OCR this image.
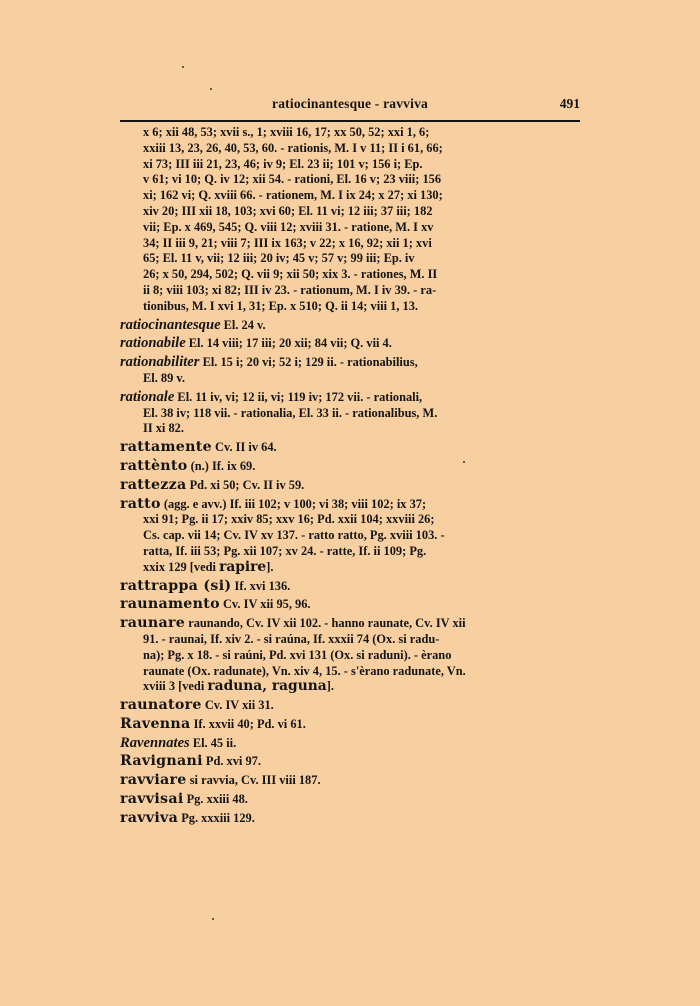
ratiocinantesque - ravviva	491
x 6; xii 48, 53; xvii s., 1; xviii 16, 17; xx 50, 52; xxi 1, 6;
xxiii 13, 23, 26, 40, 53, 60. - rationis, M. I v 11; II i 61, 66;
xi 73; III iii 21, 23, 46; iv 9; El. 23 ii; 101 v; 156 i; Ep.
v 61; vi 10; Q. iv 12; xii 54. - rationi, El. 16 v; 23 viii; 156
xi; 162 vi; Q. xviii 66. - rationem, M. I ix 24; x 27; xi 130;
xiv 20; III xii 18, 103; xvi 60; El. 11 vi; 12 iii; 37 iii; 182
vii; Ep. x 469, 545; Q. viii 12; xviii 31. - ratione, M. I xv
34; II iii 9, 21; viii 7; III ix 163; v 22; x 16, 92; xii 1; xvi
65; El. 11 v, vii; 12 iii; 20 iv; 45 v; 57 v; 99 iii; Ep. iv
26; x 50, 294, 502; Q. vii 9; xii 50; xix 3. - rationes, M. II
ii 8; viii 103; xi 82; III iv 23. - rationum, M. I iv 39. - ra-
tionibus, M. I xvi 1, 31; Ep. x 510; Q. ii 14; viii 1, 13.
ratiocinantesque El. 24 v.
rationabile El. 14 viii; 17 iii; 20 xii; 84 vii; Q. vii 4.
rationabiliter El. 15 i; 20 vi; 52 i; 129 ii. - rationabilius,
El. 89 v.
rationale El. 11 iv, vi; 12 ii, vi; 119 iv; 172 vii. - rationali,
El. 38 iv; 118 vii. - rationalia, El. 33 ii. - rationalibus, M.
II xi 82.
rattamente Cv. II iv 64.
rattènto (n.) If. ix 69.
rattezza Pd. xi 50; Cv. II iv 59.
ratto (agg. e avv.) If. iii 102; v 100; vi 38; viii 102; ix 37;
xxi 91; Pg. ii 17; xxiv 85; xxv 16; Pd. xxii 104; xxviii 26;
Cs. cap. vii 14; Cv. IV xv 137. - ratto ratto, Pg. xviii 103. -
ratta, If. iii 53; Pg. xii 107; xv 24. - ratte, If. ii 109; Pg.
xxix 129 [vedi rapire].
rattrappa (si) If. xvi 136.
raunamento Cv. IV xii 95, 96.
raunare raunando, Cv. IV xii 102. - hanno raunate, Cv. IV xii
91. - raunai, If. xiv 2. - si raúna, If. xxxii 74 (Ox. si radu-
na); Pg. x 18. - si raúni, Pd. xvi 131 (Ox. si raduni). - èrano
raunate (Ox. radunate), Vn. xiv 4, 15. - s'èrano radunate, Vn.
xviii 3 [vedi raduna, raguna].
raunatore Cv. IV xii 31.
Ravenna If. xxvii 40; Pd. vi 61.
Ravennates El. 45 ii.
Ravignani Pd. xvi 97.
ravviare si ravvia, Cv. III viii 187.
ravvisai Pg. xxiii 48.
ravviva Pg. xxxiii 129.
